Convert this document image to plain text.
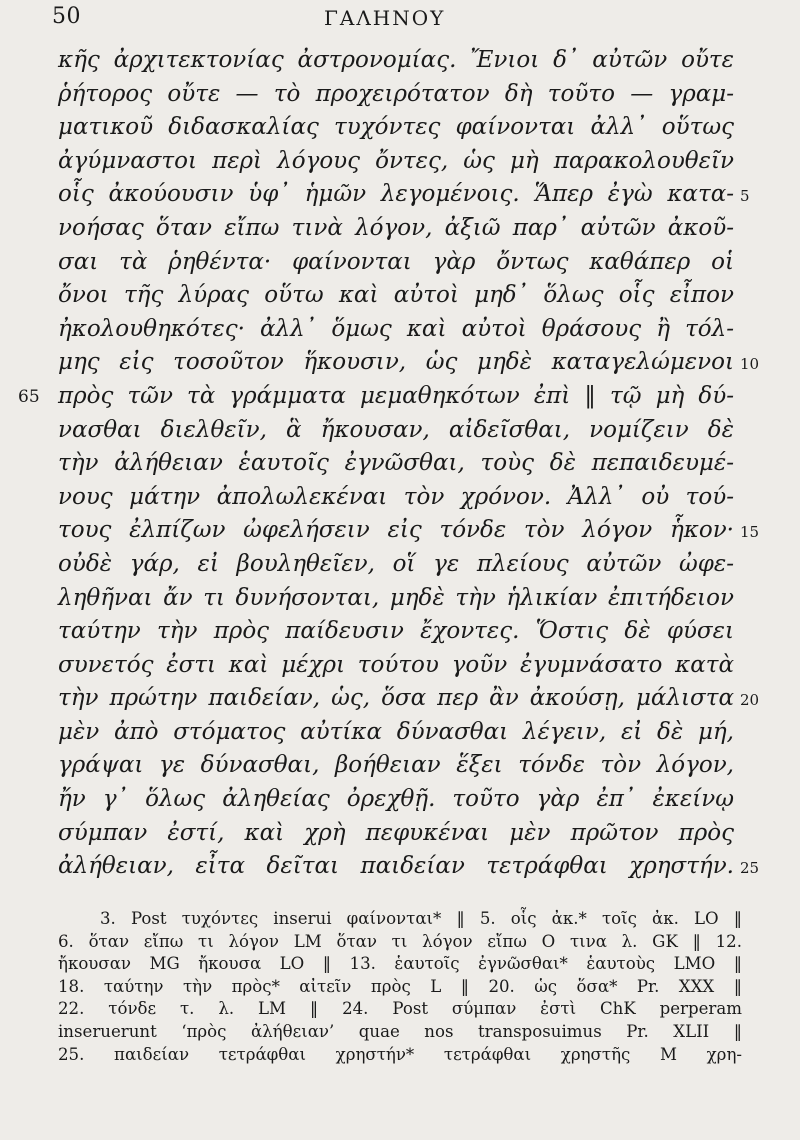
50	ΓΑΛΗΝΟΥ
κῆς ἀρχιτεκτονίας ἀστρονομίας. Ἔνιοι δ᾽ αὐτῶν οὔτε
ῥήτορος οὔτε — τὸ προχειρότατον δὴ τοῦτο — γραμ-
ματικοῦ διδασκαλίας τυχόντες φαίνονται ἀλλ᾽ οὕτως
ἀγύμναστοι περὶ λόγους ὄντες, ὡς μὴ παρακολουθεῖν
οἷς ἀκούουσιν ὑφ᾽ ἡμῶν λεγομένοις. Ἅπερ ἐγὼ κατα- 5
νοήσας ὅταν εἴπω τινὰ λόγον, ἀξιῶ παρ᾽ αὐτῶν ἀκοῦ-
σαι τὰ ῥηθέντα· φαίνονται γὰρ ὄντως καθάπερ οἱ
ὄνοι τῆς λύρας οὕτω καὶ αὐτοὶ μηδ᾽ ὅλως οἷς εἶπον
ἠκολουθηκότες· ἀλλ᾽ ὅμως καὶ αὐτοὶ θράσους ἢ τόλ-
μης εἰς τοσοῦτον ἥκουσιν, ὡς μηδὲ καταγελώμενοι 10
πρὸς τῶν τὰ γράμματα μεμαθηκότων ἐπὶ ‖ τῷ μὴ δύ-
65
νασθαι διελθεῖν, ἃ ἤκουσαν, αἰδεῖσθαι, νομίζειν δὲ
τὴν ἀλήθειαν ἑαυτοῖς ἐγνῶσθαι, τοὺς δὲ πεπαιδευμέ-
νους μάτην ἀπολωλεκέναι τὸν χρόνον. Ἀλλ᾽ οὐ τού-
τους ἐλπίζων ὠφελήσειν εἰς τόνδε τὸν λόγον ἧκον· 15
οὐδὲ γάρ, εἰ βουληθεῖεν, οἵ γε πλείους αὐτῶν ὠφε-
ληθῆναι ἄν τι δυνήσονται, μηδὲ τὴν ἡλικίαν ἐπιτήδειον
ταύτην τὴν πρὸς παίδευσιν ἔχοντες. Ὅστις δὲ φύσει
συνετός ἐστι καὶ μέχρι τούτου γοῦν ἐγυμνάσατο κατὰ
τὴν πρώτην παιδείαν, ὡς, ὅσα περ ἂν ἀκούσῃ, μάλιστα 20
μὲν ἀπὸ στόματος αὐτίκα δύνασθαι λέγειν, εἰ δὲ μή,
γράψαι γε δύνασθαι, βοήθειαν ἕξει τόνδε τὸν λόγον,
ἤν γ᾽ ὅλως ἀληθείας ὀρεχθῇ. τοῦτο γὰρ ἐπ᾽ ἐκείνῳ
σύμπαν ἐστί, καὶ χρὴ πεφυκέναι μὲν πρῶτον πρὸς
ἀλήθειαν, εἶτα δεῖται παιδείαν τετράφθαι χρηστήν. 25
3. Post τυχόντες inserui φαίνονται* ‖ 5. οἷς ἀκ.* τοῖς ἀκ. LO ‖
6. ὅταν εἴπω τι λόγον LM ὅταν τι λόγον εἴπω O τινα λ. GK ‖ 12.
ἤκουσαν MG ἤκουσα LO ‖ 13. ἑαυτοῖς ἐγνῶσθαι* ἑαυτοὺς LMO ‖
18. ταύτην τὴν πρὸς* αἰτεῖν πρὸς L ‖ 20. ὡς ὅσα* Pr. XXX ‖
22. τόνδε τ. λ. LM ‖ 24. Post σύμπαν ἐστὶ ChK perperam
inseruerunt ‘πρὸς ἀλήθειαν’ quae nos transposuimus Pr. XLII ‖
25. παιδείαν τετράφθαι χρηστήν* τετράφθαι χρηστῆς M χρη-
